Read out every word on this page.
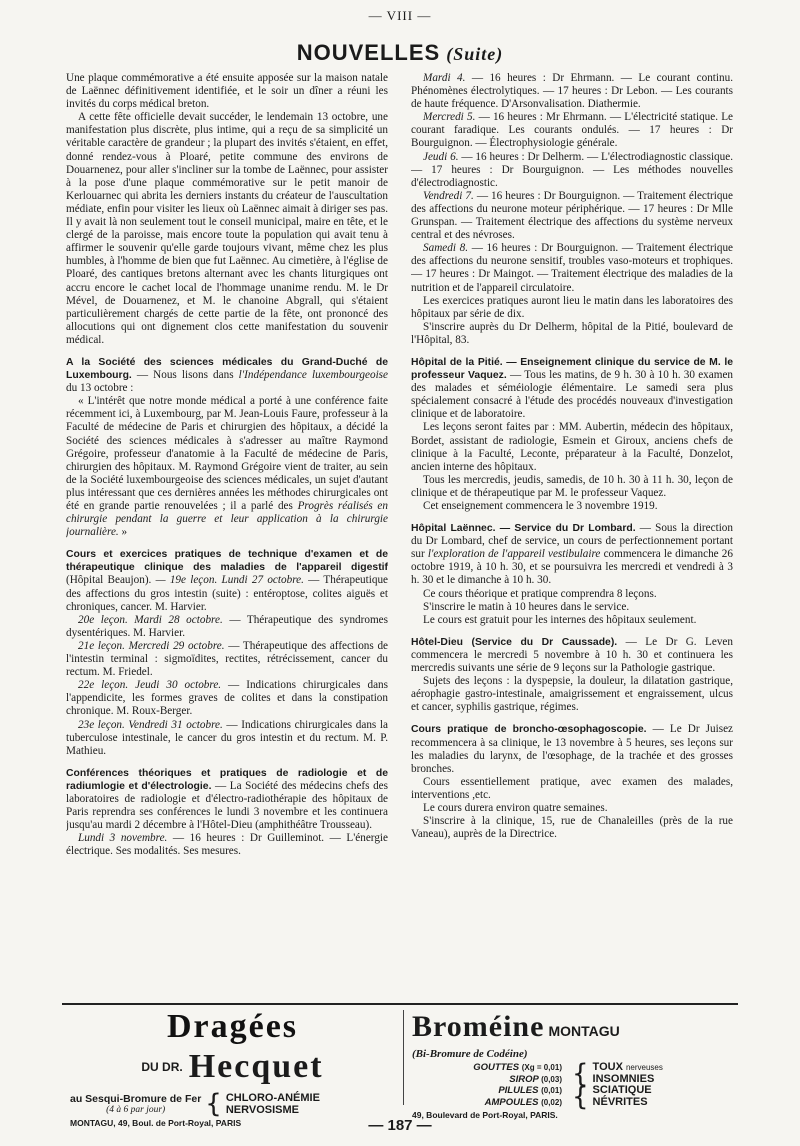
— VIII —
NOUVELLES (Suite)

Une plaque commémorative a été ensuite apposée sur la maison natale de Laënnec définitivement identifiée, et le soir un dîner a réuni les invités du corps médical breton.

A cette fête officielle devait succéder, le lendemain 13 octobre, une manifestation plus discrète, plus intime, qui a reçu de sa simplicité un véritable caractère de grandeur ; la plupart des invités s'étaient, en effet, donné rendez-vous à Ploaré, petite commune des environs de Douarnenez, pour aller s'incliner sur la tombe de Laënnec, pour assister à la pose d'une plaque commémorative sur le petit manoir de Kerlouarnec qui abrita les derniers instants du créateur de l'auscultation médiate, enfin pour visiter les lieux où Laënnec aimait à diriger ses pas. Il y avait là non seulement tout le conseil municipal, maire en tête, et le clergé de la paroisse, mais encore toute la population qui avait tenu à affirmer le souvenir qu'elle garde toujours vivant, même chez les plus humbles, à l'homme de bien que fut Laënnec. Au cimetière, à l'église de Ploaré, des cantiques bretons alternant avec les chants liturgiques ont accru encore le cachet local de l'hommage unanime rendu. M. le Dr Mével, de Douarnenez, et M. le chanoine Abgrall, qui s'étaient particulièrement chargés de cette partie de la fête, ont prononcé des allocutions qui ont dignement clos cette manifestation du souvenir médical.

A la Société des sciences médicales du Grand-Duché de Luxembourg. — Nous lisons dans l'Indépendance luxembourgeoise du 13 octobre :

« L'intérêt que notre monde médical a porté à une conférence faite récemment ici, à Luxembourg, par M. Jean-Louis Faure, professeur à la Faculté de médecine de Paris et chirurgien des hôpitaux, a décidé la Société des sciences médicales à s'adresser au maître Raymond Grégoire, professeur d'anatomie à la Faculté de médecine de Paris, chirurgien des hôpitaux. M. Raymond Grégoire vient de traiter, au sein de la Société luxembourgeoise des sciences médicales, un sujet d'autant plus intéressant que ces dernières années les méthodes chirurgicales ont été en grande partie renouvelées ; il a parlé des Progrès réalisés en chirurgie pendant la guerre et leur application à la chirurgie journalière. »

Cours et exercices pratiques de technique d'examen et de thérapeutique clinique des maladies de l'appareil digestif (Hôpital Beaujon). — 19e leçon. Lundi 27 octobre. — Thérapeutique des affections du gros intestin (suite) : entéroptose, colites aiguës et chroniques, cancer. M. Harvier.

20e leçon. Mardi 28 octobre. — Thérapeutique des syndromes dysentériques. M. Harvier.

21e leçon. Mercredi 29 octobre. — Thérapeutique des affections de l'intestin terminal : sigmoïdites, rectites, rétrécissement, cancer du rectum. M. Friedel.

22e leçon. Jeudi 30 octobre. — Indications chirurgicales dans l'appendicite, les formes graves de colites et dans la constipation chronique. M. Roux-Berger.

23e leçon. Vendredi 31 octobre. — Indications chirurgicales dans la tuberculose intestinale, le cancer du gros intestin et du rectum. M. P. Mathieu.

Conférences théoriques et pratiques de radiologie et de radiumlogie et d'électrologie. — La Société des médecins chefs des laboratoires de radiologie et d'électro-radiothérapie des hôpitaux de Paris reprendra ses conférences le lundi 3 novembre et les continuera jusqu'au mardi 2 décembre à l'Hôtel-Dieu (amphithéâtre Trousseau).

Lundi 3 novembre. — 16 heures : Dr Guilleminot. — L'énergie électrique. Ses modalités. Ses mesures.

Mardi 4. — 16 heures : Dr Ehrmann. — Le courant continu. Phénomènes électrolytiques. — 17 heures : Dr Lebon. — Les courants de haute fréquence. D'Arsonvalisation. Diathermie.

Mercredi 5. — 16 heures : Mr Ehrmann. — L'électricité statique. Le courant faradique. Les courants ondulés. — 17 heures : Dr Bourguignon. — Électrophysiologie générale.

Jeudi 6. — 16 heures : Dr Delherm. — L'électrodiagnostic classique. — 17 heures : Dr Bourguignon. — Les méthodes nouvelles d'électrodiagnostic.

Vendredi 7. — 16 heures : Dr Bourguignon. — Traitement électrique des affections du neurone moteur périphérique. — 17 heures : Dr Mlle Grunspan. — Traitement électrique des affections du système nerveux central et des névroses.

Samedi 8. — 16 heures : Dr Bourguignon. — Traitement électrique des affections du neurone sensitif, troubles vaso-moteurs et trophiques. — 17 heures : Dr Maingot. — Traitement électrique des maladies de la nutrition et de l'appareil circulatoire.

Les exercices pratiques auront lieu le matin dans les laboratoires des hôpitaux par série de dix.

S'inscrire auprès du Dr Delherm, hôpital de la Pitié, boulevard de l'Hôpital, 83.

Hôpital de la Pitié. — Enseignement clinique du service de M. le professeur Vaquez. — Tous les matins, de 9 h. 30 à 10 h. 30 examen des malades et séméiologie élémentaire. Le samedi sera plus spécialement consacré à l'étude des procédés nouveaux d'investigation clinique et de laboratoire.

Les leçons seront faites par : MM. Aubertin, médecin des hôpitaux, Bordet, assistant de radiologie, Esmein et Giroux, anciens chefs de clinique à la Faculté, Leconte, préparateur à la Faculté, Donzelot, ancien interne des hôpitaux.

Tous les mercredis, jeudis, samedis, de 10 h. 30 à 11 h. 30, leçon de clinique et de thérapeutique par M. le professeur Vaquez.

Cet enseignement commencera le 3 novembre 1919.

Hôpital Laënnec. — Service du Dr Lombard. — Sous la direction du Dr Lombard, chef de service, un cours de perfectionnement portant sur l'exploration de l'appareil vestibulaire commencera le dimanche 26 octobre 1919, à 10 h. 30, et se poursuivra les mercredi et vendredi à 3 h. 30 et le dimanche à 10 h. 30.

Ce cours théorique et pratique comprendra 8 leçons.

S'inscrire le matin à 10 heures dans le service.

Le cours est gratuit pour les internes des hôpitaux seulement.

Hôtel-Dieu (Service du Dr Caussade). — Le Dr G. Leven commencera le mercredi 5 novembre à 10 h. 30 et continuera les mercredis suivants une série de 9 leçons sur la Pathologie gastrique.

Sujets des leçons : la dyspepsie, la douleur, la dilatation gastrique, aérophagie gastro-intestinale, amaigrissement et engraissement, ulcus et cancer, syphilis gastrique, régimes.

Cours pratique de broncho-œsophagoscopie. — Le Dr Juisez recommencera à sa clinique, le 13 novembre à 5 heures, ses leçons sur les maladies du larynx, de l'œsophage, de la trachée et des grosses bronches.

Cours essentiellement pratique, avec examen des malades, interventions ,etc.

Le cours durera environ quatre semaines.

S'inscrire à la clinique, 15, rue de Chanaleilles (près de la rue Vaneau), auprès de la Directrice.

Dragées
DU DR. Hecquet
au Sesqui-Bromure de Fer
(4 à 6 par jour)	{ CHLORO-ANÉMIE
NERVOSISME
MONTAGU, 49, Boul. de Port-Royal, PARIS
Broméine MONTAGU
(Bi-Bromure de Codéine)
GOUTTES (Xg = 0,01)
SIROP (0,03)
PILULES (0,01)
AMPOULES (0,02)
{ TOUX nerveuses
INSOMNIES
{ SCIATIQUE
NÉVRITES
49, Boulevard de Port-Royal, PARIS.
— 187 —
